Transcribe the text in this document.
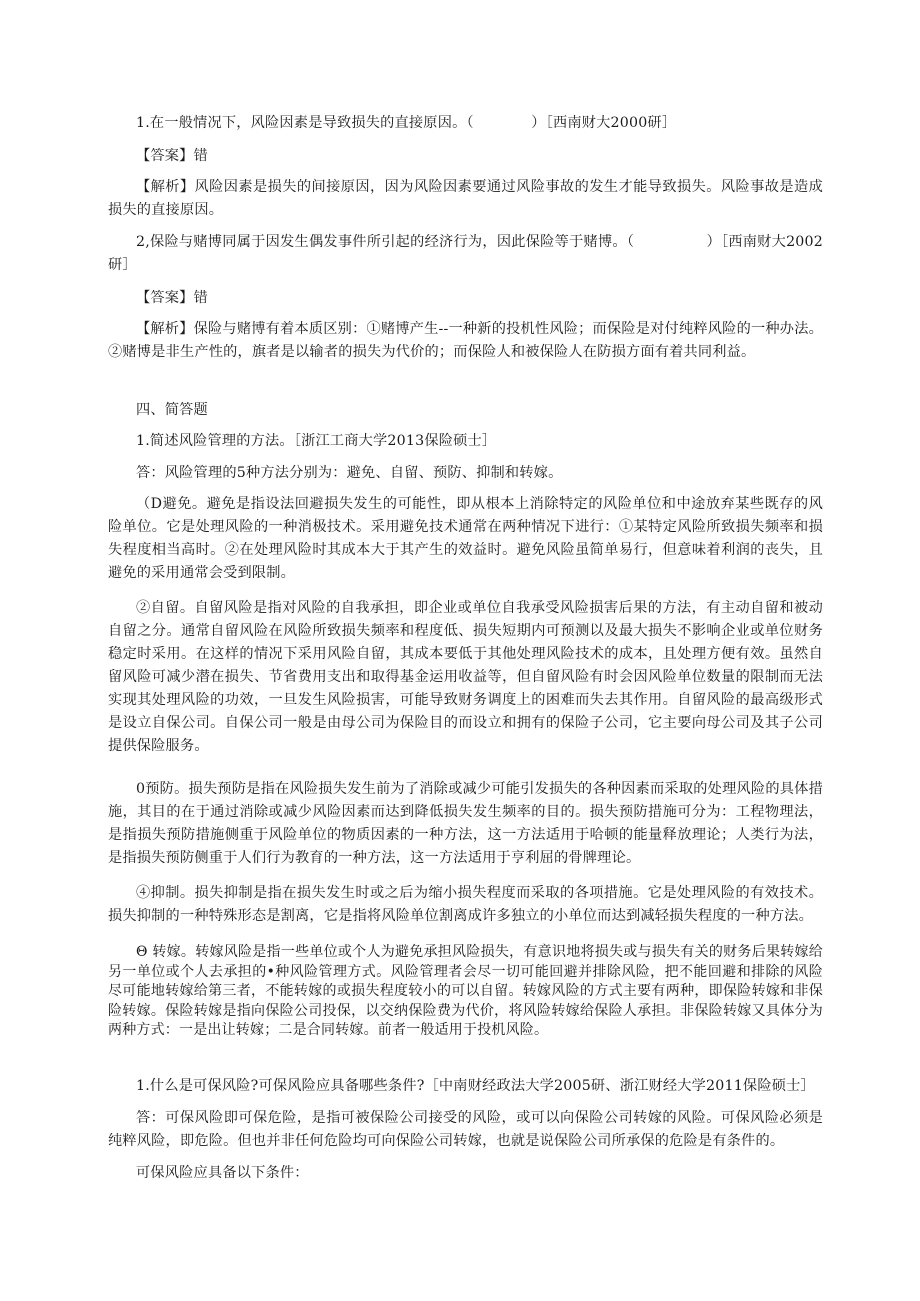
1.在一般情况下，风险因素是导致损失的直接原因。（　　　　）［西南财大2000研］

【答案】错

【解析】风险因素是损失的间接原因，因为风险因素要通过风险事故的发生才能导致损失。风险事故是造成损失的直接原因。

2,保险与赌博同属于因发生偶发事件所引起的经济行为，因此保险等于赌博。（　　　　　）［西南财大2002研］

【答案】错

【解析】保险与赌博有着本质区别：①赌博产生--一种新的投机性风险；而保险是对付纯粹风险的一种办法。②赌博是非生产性的，旗者是以输者的损失为代价的；而保险人和被保险人在防损方面有着共同利益。

四、简答题

1.简述风险管理的方法。［浙江工商大学2013保险硕士］

答：风险管理的5种方法分别为：避免、自留、预防、抑制和转嫁。

（D避免。避免是指设法回避损失发生的可能性，即从根本上消除特定的风险单位和中途放弃某些既存的风险单位。它是处理风险的一种消极技术。采用避免技术通常在两种情况下进行：①某特定风险所致损失频率和损失程度相当高时。②在处理风险时其成本大于其产生的效益时。避免风险虽简单易行，但意味着利润的丧失，且避免的采用通常会受到限制。

②自留。自留风险是指对风险的自我承担，即企业或单位自我承受风险损害后果的方法，有主动自留和被动自留之分。通常自留风险在风险所致损失频率和程度低、损失短期内可预测以及最大损失不影响企业或单位财务稳定时采用。在这样的情况下采用风险自留，其成本要低于其他处理风险技术的成本，且处理方便有效。虽然自留风险可减少潜在损失、节省费用支出和取得基金运用收益等，但自留风险有时会因风险单位数量的限制而无法实现其处理风险的功效，一旦发生风险损害，可能导致财务调度上的困难而失去其作用。自留风险的最高级形式是设立自保公司。自保公司一般是由母公司为保险目的而设立和拥有的保险子公司，它主要向母公司及其子公司提供保险服务。

0预防。损失预防是指在风险损失发生前为了消除或减少可能引发损失的各种因素而采取的处理风险的具体措施，其目的在于通过消除或减少风险因素而达到降低损失发生频率的目的。损失预防措施可分为：工程物理法，是指损失预防措施侧重于风险单位的物质因素的一种方法，这一方法适用于哈顿的能量释放理论；人类行为法，是指损失预防侧重于人们行为教育的一种方法，这一方法适用于亨利屈的骨牌理论。

④抑制。损失抑制是指在损失发生时或之后为缩小损失程度而采取的各项措施。它是处理风险的有效技术。损失抑制的一种特殊形态是割离，它是指将风险单位割离成许多独立的小单位而达到减轻损失程度的一种方法。

Θ 转嫁。转嫁风险是指一些单位或个人为避免承担风险损失，有意识地将损失或与损失有关的财务后果转嫁给另一单位或个人去承担的•种风险管理方式。风险管理者会尽一切可能回避并排除风险，把不能回避和排除的风险尽可能地转嫁给第三者，不能转嫁的或损失程度较小的可以自留。转嫁风险的方式主要有两种，即保险转嫁和非保险转嫁。保险转嫁是指向保险公司投保，以交纳保险费为代价，将风险转嫁给保险人承担。非保险转嫁又具体分为两种方式：一是出让转嫁；二是合同转嫁。前者一般适用于投机风险。

1.什么是可保风险?可保风险应具备哪些条件?［中南财经政法大学2005研、浙江财经大学2011保险硕士］

答：可保风险即可保危险，是指可被保险公司接受的风险，或可以向保险公司转嫁的风险。可保风险必须是纯粹风险，即危险。但也并非任何危险均可向保险公司转嫁，也就是说保险公司所承保的危险是有条件的。

可保风险应具备以下条件：
